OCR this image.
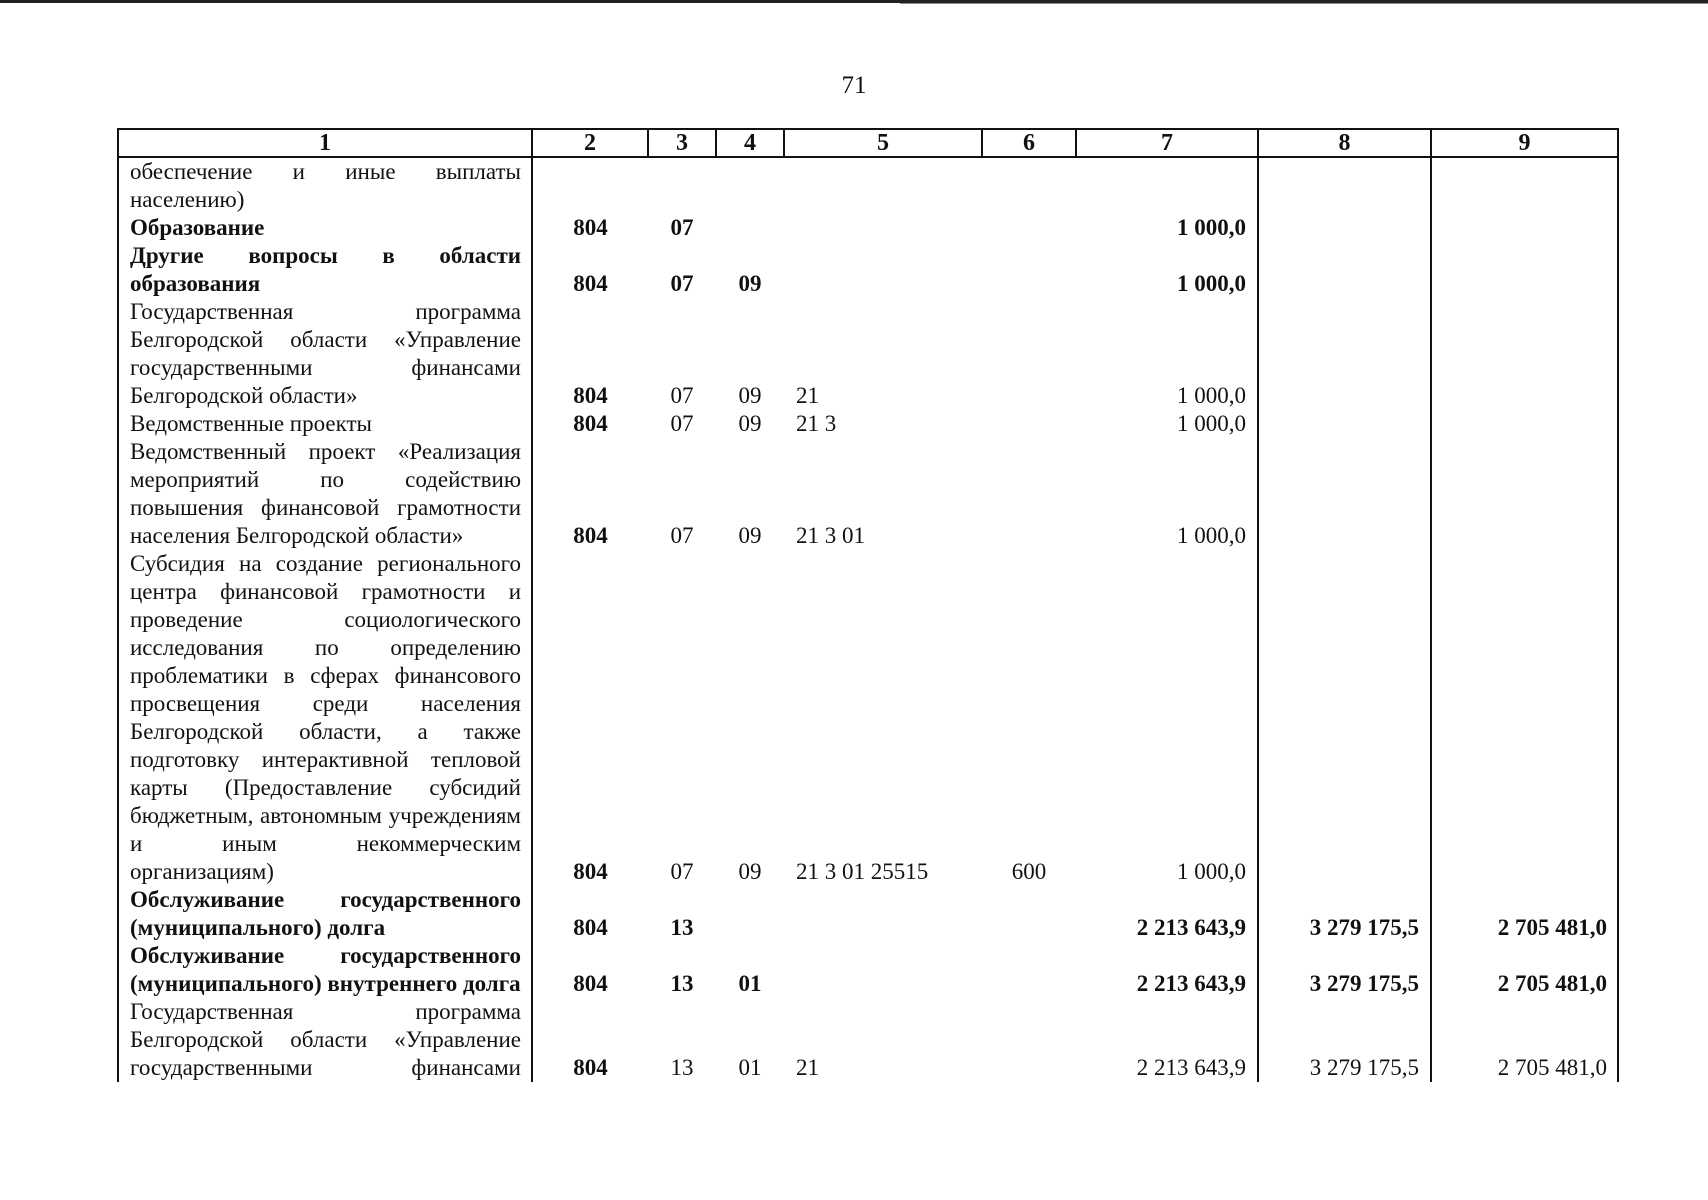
71
1	2	3	4	5	6	7	8	9
обеспечение и иные выплаты населению)								
Образование	804	07				1 000,0		
Другие вопросы в области образования	804	07	09			1 000,0		
Государственная программа Белгородской области «Управление государственными финансами Белгородской области»	804	07	09	21		1 000,0		
Ведомственные проекты	804	07	09	21 3		1 000,0		
Ведомственный проект «Реализация мероприятий по содействию повышения финансовой грамотности населения Белгородской области»	804	07	09	21 3 01		1 000,0		
Субсидия на создание регионального центра финансовой грамотности и проведение социологического исследования по определению проблематики в сферах финансового просвещения среди населения Белгородской области, а также подготовку интерактивной тепловой карты (Предоставление субсидий бюджетным, автономным учреждениям и иным некоммерческим организациям)	804	07	09	21 3 01 25515	600	1 000,0		
Обслуживание государственного (муниципального) долга	804	13				2 213 643,9	3 279 175,5	2 705 481,0
Обслуживание государственного (муниципального) внутреннего долга	804	13	01			2 213 643,9	3 279 175,5	2 705 481,0
Государственная программа Белгородской области «Управление государственными финансами	804	13	01	21		2 213 643,9	3 279 175,5	2 705 481,0
